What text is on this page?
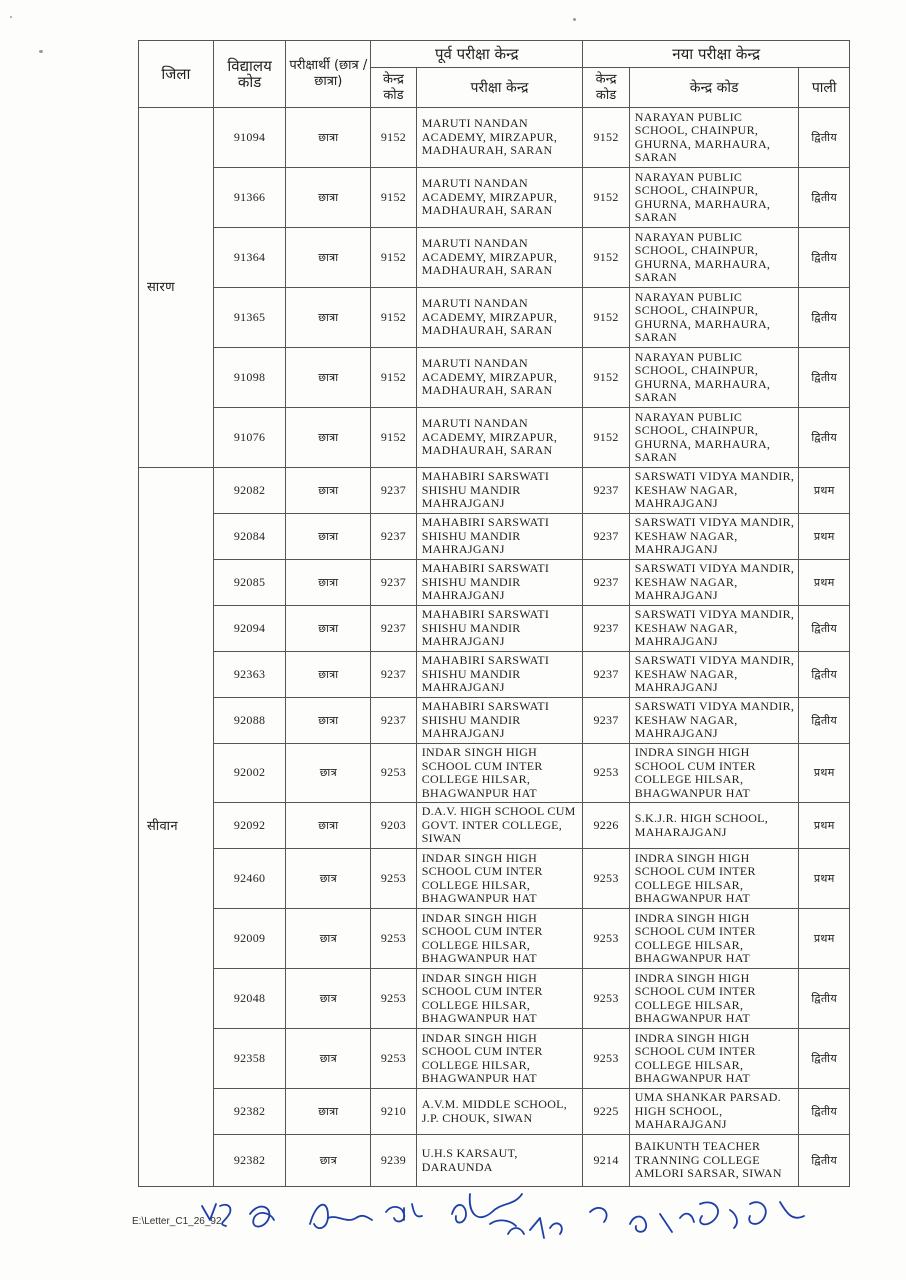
जिला	विद्यालय कोड	परीक्षार्थी (छात्र / छात्रा)	पूर्व परीक्षा केन्द्र		नया परीक्षा केन्द्र		
			केन्द्र कोड	परीक्षा केन्द्र	केन्द्र कोड	केन्द्र कोड	पाली

सारण	91094	छात्रा	9152	MARUTI NANDAN ACADEMY, MIRZAPUR, MADHAURAH, SARAN	9152	NARAYAN PUBLIC SCHOOL, CHAINPUR, GHURNA, MARHAURA, SARAN	द्वितीय
	91366	छात्रा	9152	MARUTI NANDAN ACADEMY, MIRZAPUR, MADHAURAH, SARAN	9152	NARAYAN PUBLIC SCHOOL, CHAINPUR, GHURNA, MARHAURA, SARAN	द्वितीय
	91364	छात्रा	9152	MARUTI NANDAN ACADEMY, MIRZAPUR, MADHAURAH, SARAN	9152	NARAYAN PUBLIC SCHOOL, CHAINPUR, GHURNA, MARHAURA, SARAN	द्वितीय
	91365	छात्रा	9152	MARUTI NANDAN ACADEMY, MIRZAPUR, MADHAURAH, SARAN	9152	NARAYAN PUBLIC SCHOOL, CHAINPUR, GHURNA, MARHAURA, SARAN	द्वितीय
	91098	छात्रा	9152	MARUTI NANDAN ACADEMY, MIRZAPUR, MADHAURAH, SARAN	9152	NARAYAN PUBLIC SCHOOL, CHAINPUR, GHURNA, MARHAURA, SARAN	द्वितीय
	91076	छात्रा	9152	MARUTI NANDAN ACADEMY, MIRZAPUR, MADHAURAH, SARAN	9152	NARAYAN PUBLIC SCHOOL, CHAINPUR, GHURNA, MARHAURA, SARAN	द्वितीय

सीवान	92082	छात्रा	9237	MAHABIRI SARSWATI SHISHU MANDIR MAHRAJGANJ	9237	SARSWATI VIDYA MANDIR, KESHAW NAGAR, MAHRAJGANJ	प्रथम
	92084	छात्रा	9237	MAHABIRI SARSWATI SHISHU MANDIR MAHRAJGANJ	9237	SARSWATI VIDYA MANDIR, KESHAW NAGAR, MAHRAJGANJ	प्रथम
	92085	छात्रा	9237	MAHABIRI SARSWATI SHISHU MANDIR MAHRAJGANJ	9237	SARSWATI VIDYA MANDIR, KESHAW NAGAR, MAHRAJGANJ	प्रथम
	92094	छात्रा	9237	MAHABIRI SARSWATI SHISHU MANDIR MAHRAJGANJ	9237	SARSWATI VIDYA MANDIR, KESHAW NAGAR, MAHRAJGANJ	द्वितीय
	92363	छात्रा	9237	MAHABIRI SARSWATI SHISHU MANDIR MAHRAJGANJ	9237	SARSWATI VIDYA MANDIR, KESHAW NAGAR, MAHRAJGANJ	द्वितीय
	92088	छात्रा	9237	MAHABIRI SARSWATI SHISHU MANDIR MAHRAJGANJ	9237	SARSWATI VIDYA MANDIR, KESHAW NAGAR, MAHRAJGANJ	द्वितीय
	92002	छात्र	9253	INDAR SINGH HIGH SCHOOL CUM INTER COLLEGE HILSAR, BHAGWANPUR HAT	9253	INDRA SINGH HIGH SCHOOL CUM INTER COLLEGE HILSAR, BHAGWANPUR HAT	प्रथम
	92092	छात्रा	9203	D.A.V. HIGH SCHOOL CUM GOVT. INTER COLLEGE, SIWAN	9226	S.K.J.R. HIGH SCHOOL, MAHARAJGANJ	प्रथम
	92460	छात्र	9253	INDAR SINGH HIGH SCHOOL CUM INTER COLLEGE HILSAR, BHAGWANPUR HAT	9253	INDRA SINGH HIGH SCHOOL CUM INTER COLLEGE HILSAR, BHAGWANPUR HAT	प्रथम
	92009	छात्र	9253	INDAR SINGH HIGH SCHOOL CUM INTER COLLEGE HILSAR, BHAGWANPUR HAT	9253	INDRA SINGH HIGH SCHOOL CUM INTER COLLEGE HILSAR, BHAGWANPUR HAT	प्रथम
	92048	छात्र	9253	INDAR SINGH HIGH SCHOOL CUM INTER COLLEGE HILSAR, BHAGWANPUR HAT	9253	INDRA SINGH HIGH SCHOOL CUM INTER COLLEGE HILSAR, BHAGWANPUR HAT	द्वितीय
	92358	छात्र	9253	INDAR SINGH HIGH SCHOOL CUM INTER COLLEGE HILSAR, BHAGWANPUR HAT	9253	INDRA SINGH HIGH SCHOOL CUM INTER COLLEGE HILSAR, BHAGWANPUR HAT	द्वितीय
	92382	छात्रा	9210	A.V.M. MIDDLE SCHOOL, J.P. CHOUK, SIWAN	9225	UMA SHANKAR PARSAD. HIGH SCHOOL, MAHARAJGANJ	द्वितीय
	92382	छात्र	9239	U.H.S KARSAUT, DARAUNDA	9214	BAIKUNTH TEACHER TRANNING COLLEGE AMLORI SARSAR, SIWAN	द्वितीय
E:\Letter_C1_26_92
